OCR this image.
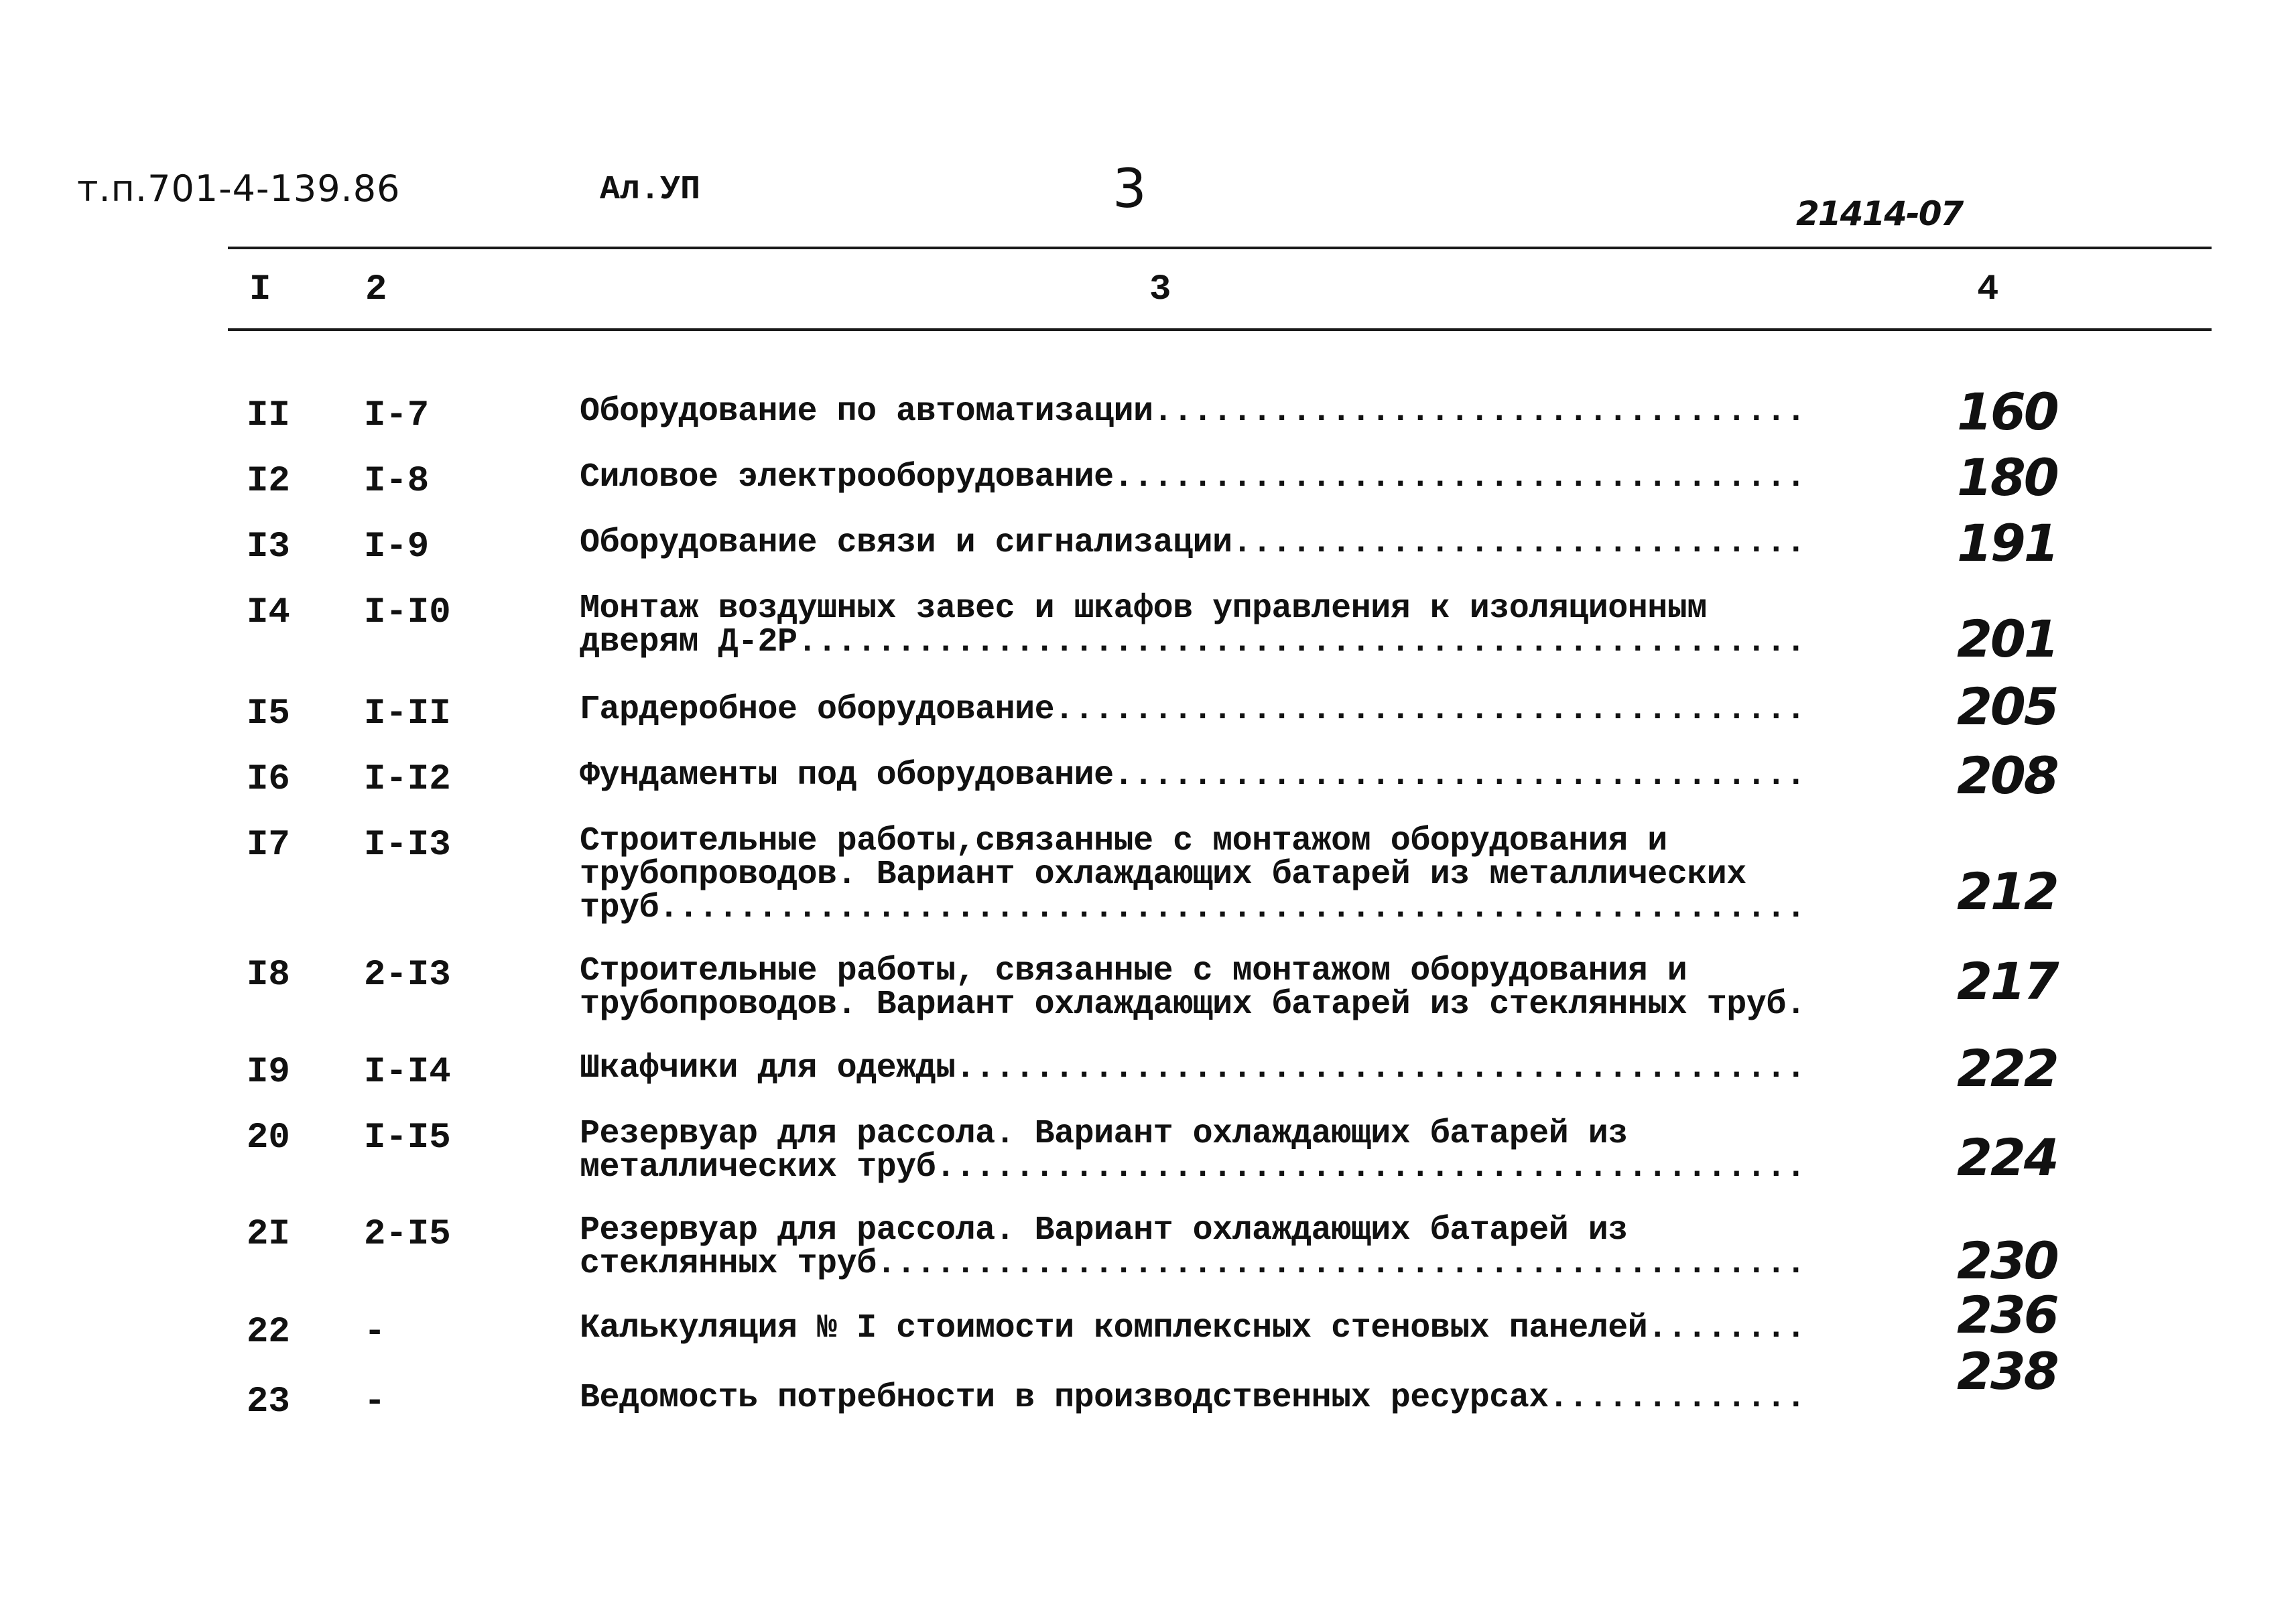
т.п.701-4-139.86	Ал.УП	3	21414-07
I	2	3	4
II I-7	Оборудование по автоматизации .....	160
I2 I-8	Силовое электрооборудование .....	180
I3 I-9	Оборудование связи и сигнализации .....	191
I4 I-I0	Монтаж воздушных завес и шкафов управления к изоляционным
дверям Д-2Р .....	201
I5 I-II	Гардеробное оборудование .....	205
I6 I-I2	Фундаменты под оборудование .....	208
I7 I-I3	Строительные работы,связанные с монтажом оборудования и
трубопроводов. Вариант охлаждающих батарей из металлических
труб .....	212
I8 2-I3	Строительные работы, связанные с монтажом оборудования и
трубопроводов. Вариант охлаждающих батарей из стеклянных труб.	217
I9 I-I4	Шкафчики для одежды .....	222
20 I-I5	Резервуар для рассола. Вариант охлаждающих батарей из
металлических труб .....	224
2I 2-I5	Резервуар для рассола. Вариант охлаждающих батарей из
стеклянных труб .....	230
22 -	Калькуляция № I стоимости комплексных стеновых панелей .....	236
23 -	Ведомость потребности в производственных ресурсах .....	238
